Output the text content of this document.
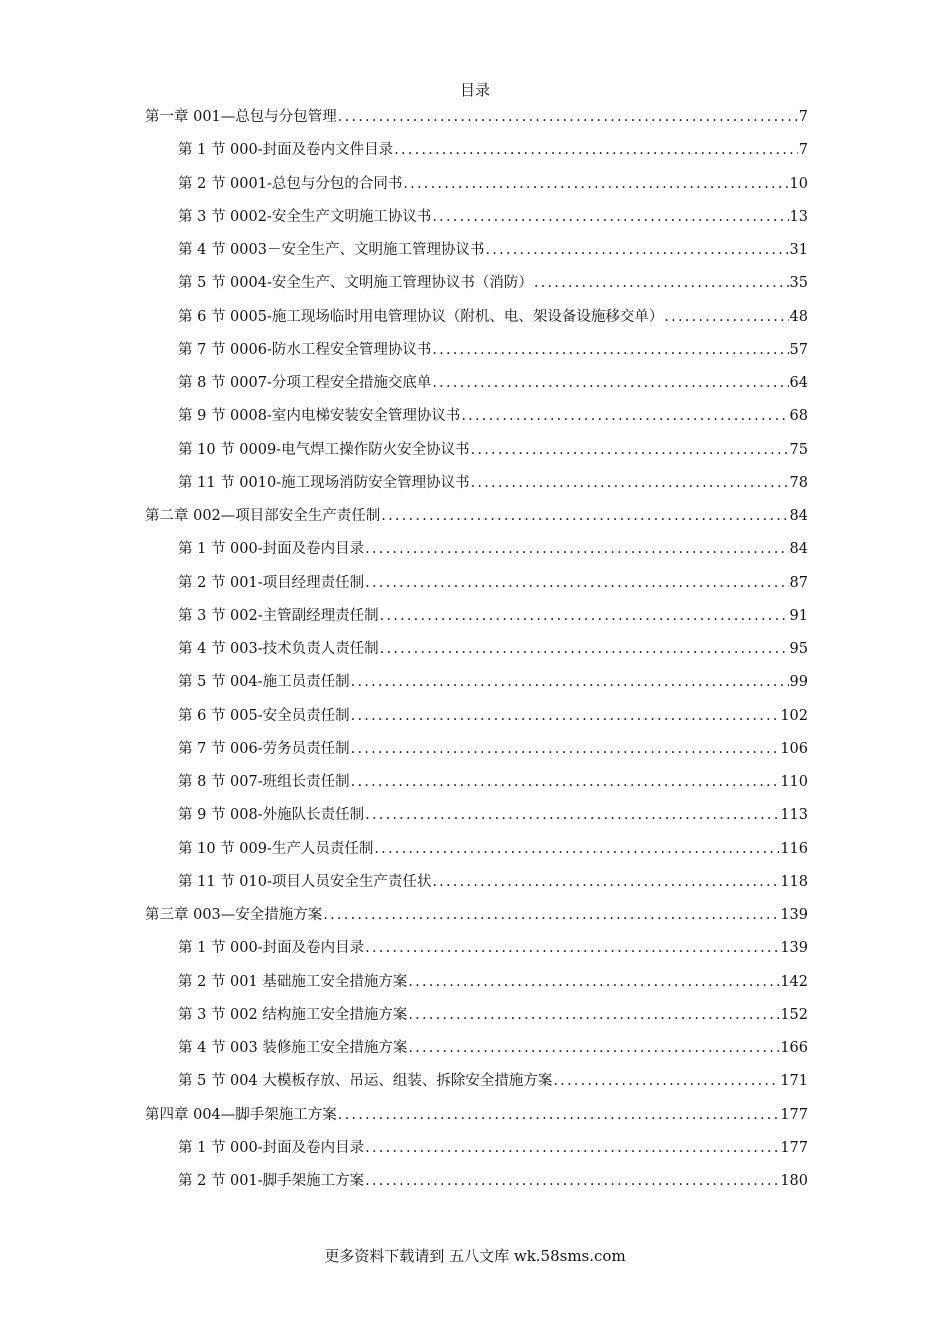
目录
第一章 001—总包与分包管理 .....	7
第 1 节 000-封面及卷内文件目录 .....	7
第 2 节 0001-总包与分包的合同书 .....	10
第 3 节 0002-安全生产文明施工协议书 .....	13
第 4 节 0003－安全生产、文明施工管理协议书 .....	31
第 5 节 0004-安全生产、文明施工管理协议书（消防） .....	35
第 6 节 0005-施工现场临时用电管理协议（附机、电、架设备设施移交单） .....	48
第 7 节 0006-防水工程安全管理协议书 .....	57
第 8 节 0007-分项工程安全措施交底单 .....	64
第 9 节 0008-室内电梯安装安全管理协议书 .....	68
第 10 节 0009-电气焊工操作防火安全协议书 .....	75
第 11 节 0010-施工现场消防安全管理协议书 .....	78
第二章 002—项目部安全生产责任制 .....	84
第 1 节 000-封面及卷内目录 .....	84
第 2 节 001-项目经理责任制 .....	87
第 3 节 002-主管副经理责任制 .....	91
第 4 节 003-技术负责人责任制 .....	95
第 5 节 004-施工员责任制 .....	99
第 6 节 005-安全员责任制 .....	102
第 7 节 006-劳务员责任制 .....	106
第 8 节 007-班组长责任制 .....	110
第 9 节 008-外施队长责任制 .....	113
第 10 节 009-生产人员责任制 .....	116
第 11 节 010-项目人员安全生产责任状 .....	118
第三章 003—安全措施方案 .....	139
第 1 节 000-封面及卷内目录 .....	139
第 2 节 001 基础施工安全措施方案 .....	142
第 3 节 002 结构施工安全措施方案 .....	152
第 4 节 003 装修施工安全措施方案 .....	166
第 5 节 004 大模板存放、吊运、组装、拆除安全措施方案 .....	171
第四章 004—脚手架施工方案 .....	177
第 1 节 000-封面及卷内目录 .....	177
第 2 节 001-脚手架施工方案 .....	180
更多资料下载请到 五八文库 wk.58sms.com
